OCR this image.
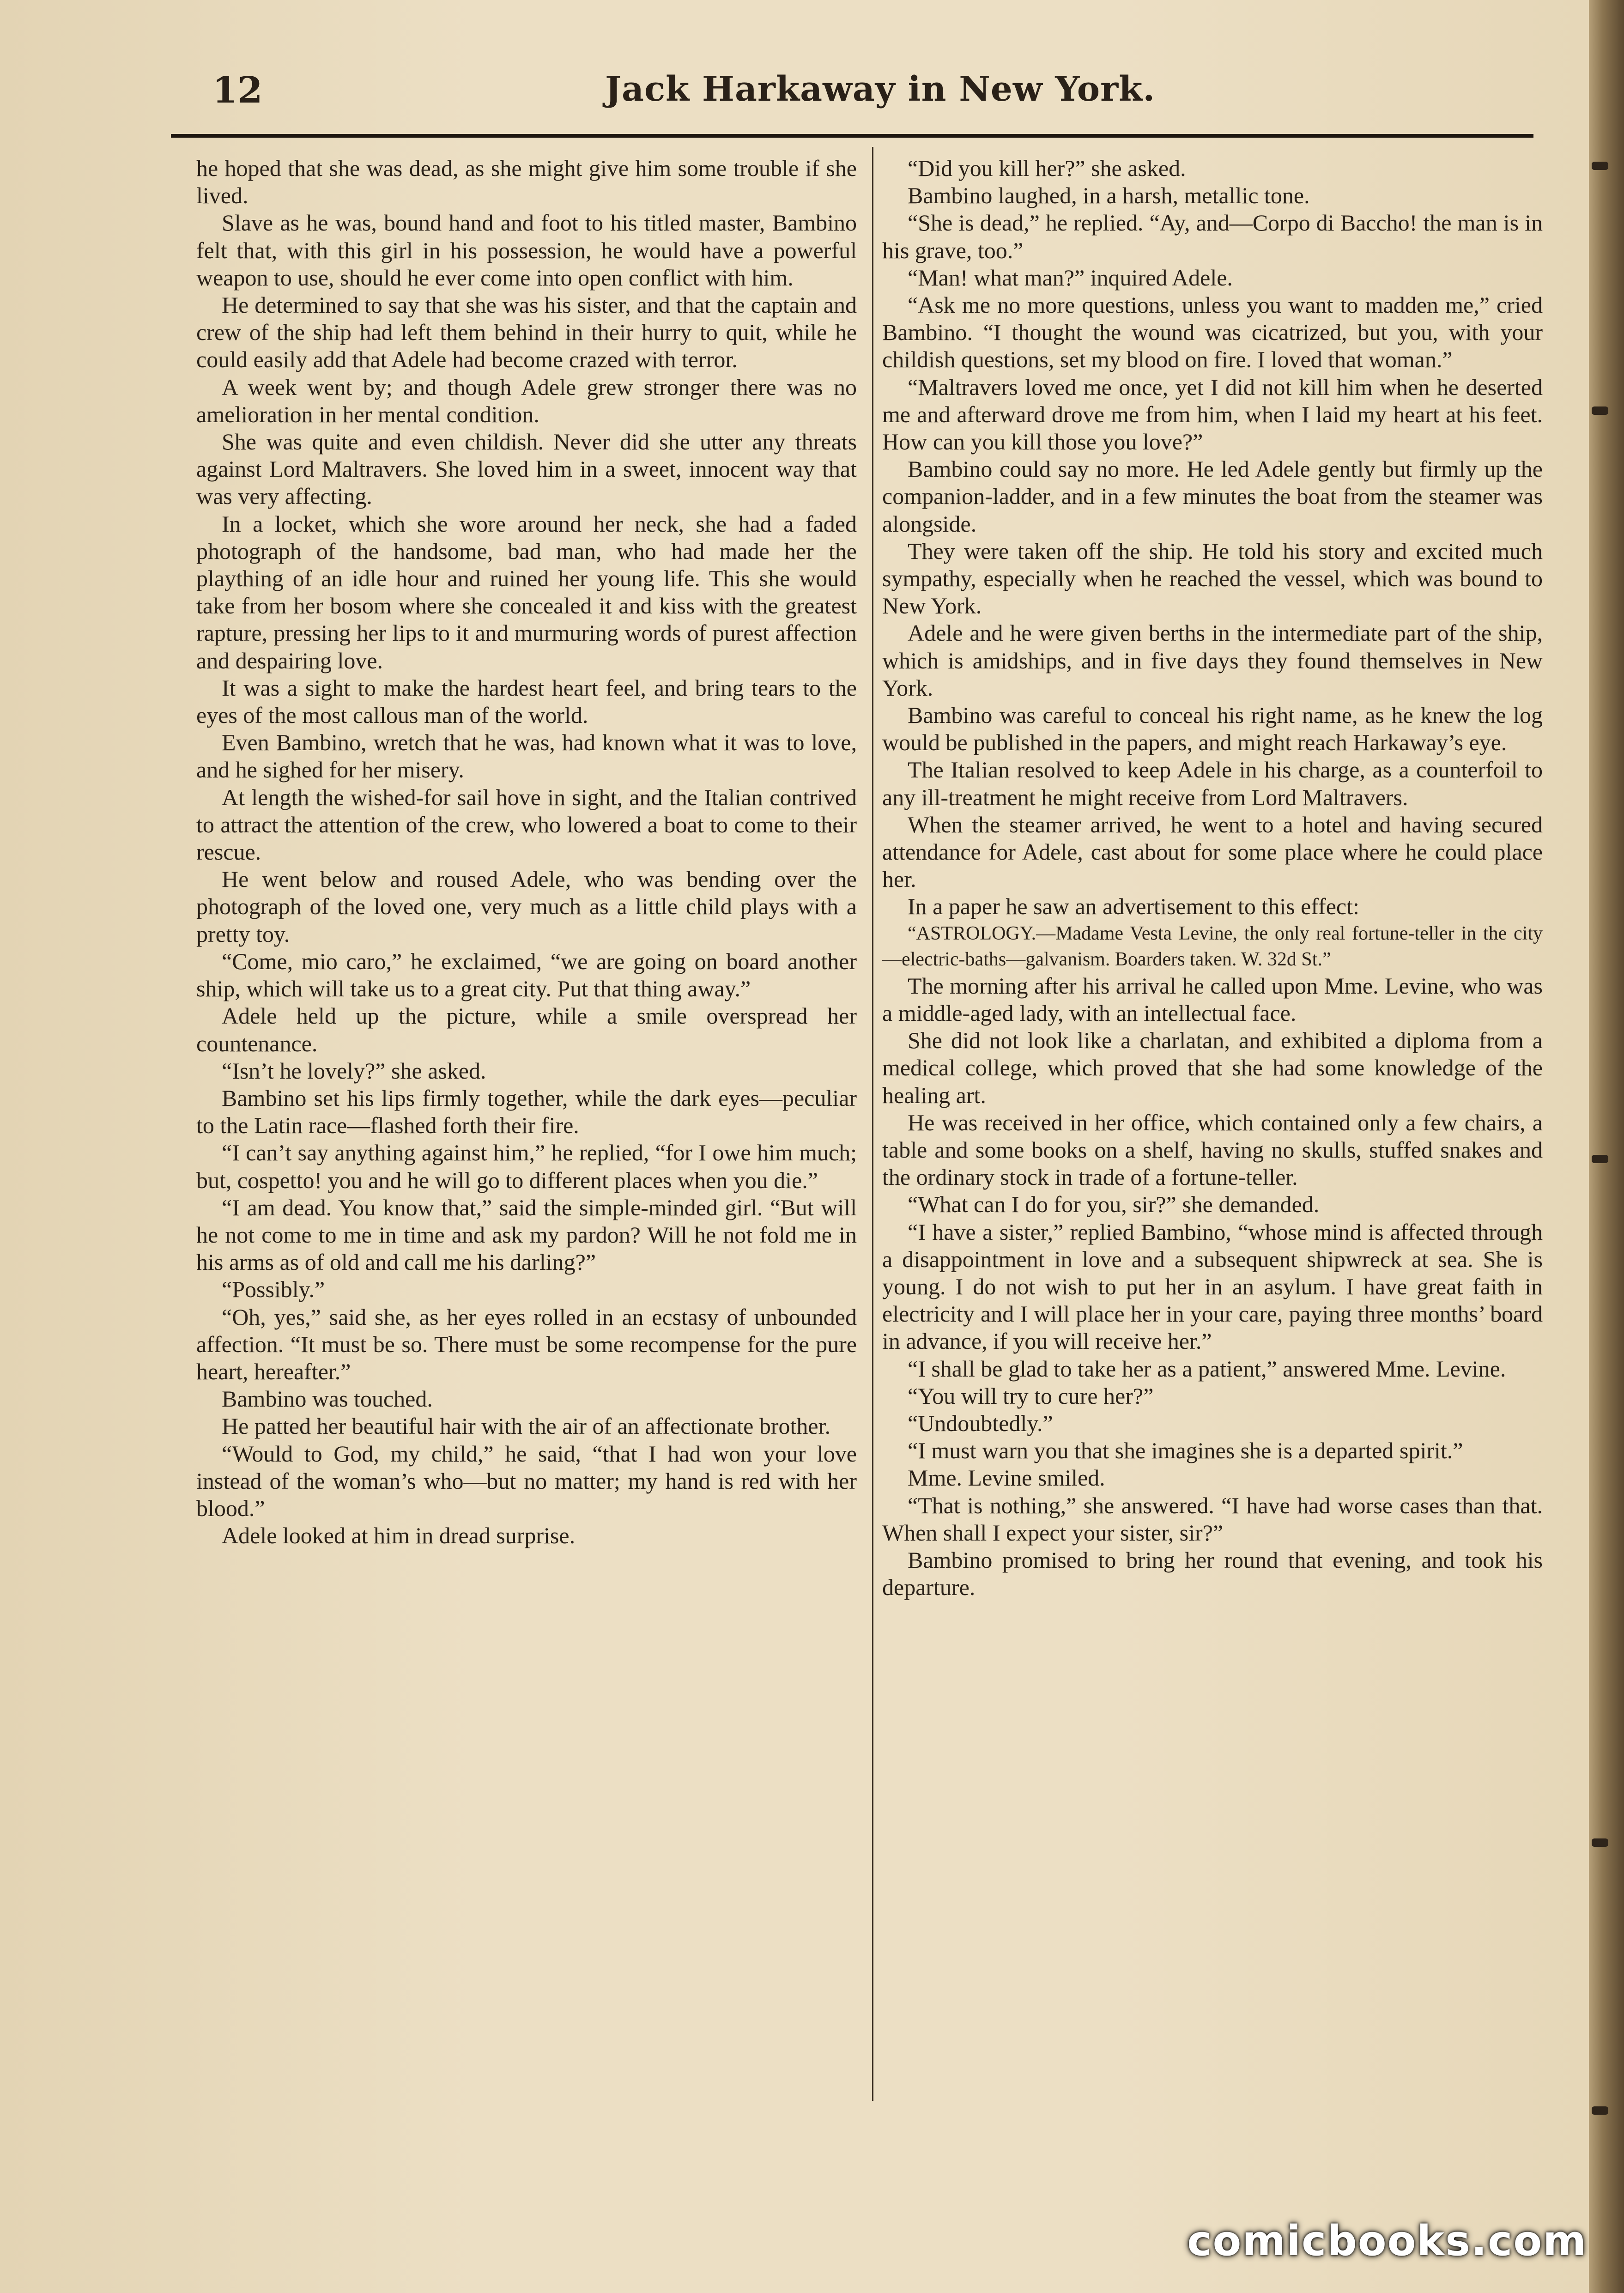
12	Jack Harkaway in New York.

he hoped that she was dead, as she might give him some trouble if she lived.

Slave as he was, bound hand and foot to his titled master, Bambino felt that, with this girl in his possession, he would have a powerful weapon to use, should he ever come into open conflict with him.

He determined to say that she was his sister, and that the captain and crew of the ship had left them behind in their hurry to quit, while he could easily add that Adele had become crazed with terror.

A week went by; and though Adele grew stronger there was no amelioration in her mental condition.

She was quite and even childish. Never did she utter any threats against Lord Maltravers. She loved him in a sweet, innocent way that was very affecting.

In a locket, which she wore around her neck, she had a faded photograph of the handsome, bad man, who had made her the plaything of an idle hour and ruined her young life. This she would take from her bosom where she concealed it and kiss with the greatest rapture, pressing her lips to it and murmuring words of purest affection and despairing love.

It was a sight to make the hardest heart feel, and bring tears to the eyes of the most callous man of the world.

Even Bambino, wretch that he was, had known what it was to love, and he sighed for her misery.

At length the wished-for sail hove in sight, and the Italian contrived to attract the attention of the crew, who lowered a boat to come to their rescue.

He went below and roused Adele, who was bending over the photograph of the loved one, very much as a little child plays with a pretty toy.

“Come, mio caro,” he exclaimed, “we are going on board another ship, which will take us to a great city. Put that thing away.”

Adele held up the picture, while a smile overspread her countenance.

“Isn’t he lovely?” she asked.

Bambino set his lips firmly together, while the dark eyes—peculiar to the Latin race—flashed forth their fire.

“I can’t say anything against him,” he replied, “for I owe him much; but, cospetto! you and he will go to different places when you die.”

“I am dead. You know that,” said the simple-minded girl. “But will he not come to me in time and ask my pardon? Will he not fold me in his arms as of old and call me his darling?”

“Possibly.”

“Oh, yes,” said she, as her eyes rolled in an ecstasy of unbounded affection. “It must be so. There must be some recompense for the pure heart, hereafter.”

Bambino was touched.

He patted her beautiful hair with the air of an affectionate brother.

“Would to God, my child,” he said, “that I had won your love instead of the woman’s who—but no matter; my hand is red with her blood.”

Adele looked at him in dread surprise.

“Did you kill her?” she asked.

Bambino laughed, in a harsh, metallic tone.

“She is dead,” he replied. “Ay, and—Corpo di Baccho! the man is in his grave, too.”

“Man! what man?” inquired Adele.

“Ask me no more questions, unless you want to madden me,” cried Bambino. “I thought the wound was cicatrized, but you, with your childish questions, set my blood on fire. I loved that woman.”

“Maltravers loved me once, yet I did not kill him when he deserted me and afterward drove me from him, when I laid my heart at his feet. How can you kill those you love?”

Bambino could say no more. He led Adele gently but firmly up the companion-ladder, and in a few minutes the boat from the steamer was alongside.

They were taken off the ship. He told his story and excited much sympathy, especially when he reached the vessel, which was bound to New York.

Adele and he were given berths in the intermediate part of the ship, which is amidships, and in five days they found themselves in New York.

Bambino was careful to conceal his right name, as he knew the log would be published in the papers, and might reach Harkaway’s eye.

The Italian resolved to keep Adele in his charge, as a counterfoil to any ill-treatment he might receive from Lord Maltravers.

When the steamer arrived, he went to a hotel and having secured attendance for Adele, cast about for some place where he could place her.

In a paper he saw an advertisement to this effect:

“ASTROLOGY.—Madame Vesta Levine, the only real fortune-teller in the city—electric-baths—galvanism. Boarders taken. W. 32d St.”

The morning after his arrival he called upon Mme. Levine, who was a middle-aged lady, with an intellectual face.

She did not look like a charlatan, and exhibited a diploma from a medical college, which proved that she had some knowledge of the healing art.

He was received in her office, which contained only a few chairs, a table and some books on a shelf, having no skulls, stuffed snakes and the ordinary stock in trade of a fortune-teller.

“What can I do for you, sir?” she demanded.

“I have a sister,” replied Bambino, “whose mind is affected through a disappointment in love and a subsequent shipwreck at sea. She is young. I do not wish to put her in an asylum. I have great faith in electricity and I will place her in your care, paying three months’ board in advance, if you will receive her.”

“I shall be glad to take her as a patient,” answered Mme. Levine.

“You will try to cure her?”

“Undoubtedly.”

“I must warn you that she imagines she is a departed spirit.”

Mme. Levine smiled.

“That is nothing,” she answered. “I have had worse cases than that. When shall I expect your sister, sir?”

Bambino promised to bring her round that evening, and took his departure.

comicbooks.com
